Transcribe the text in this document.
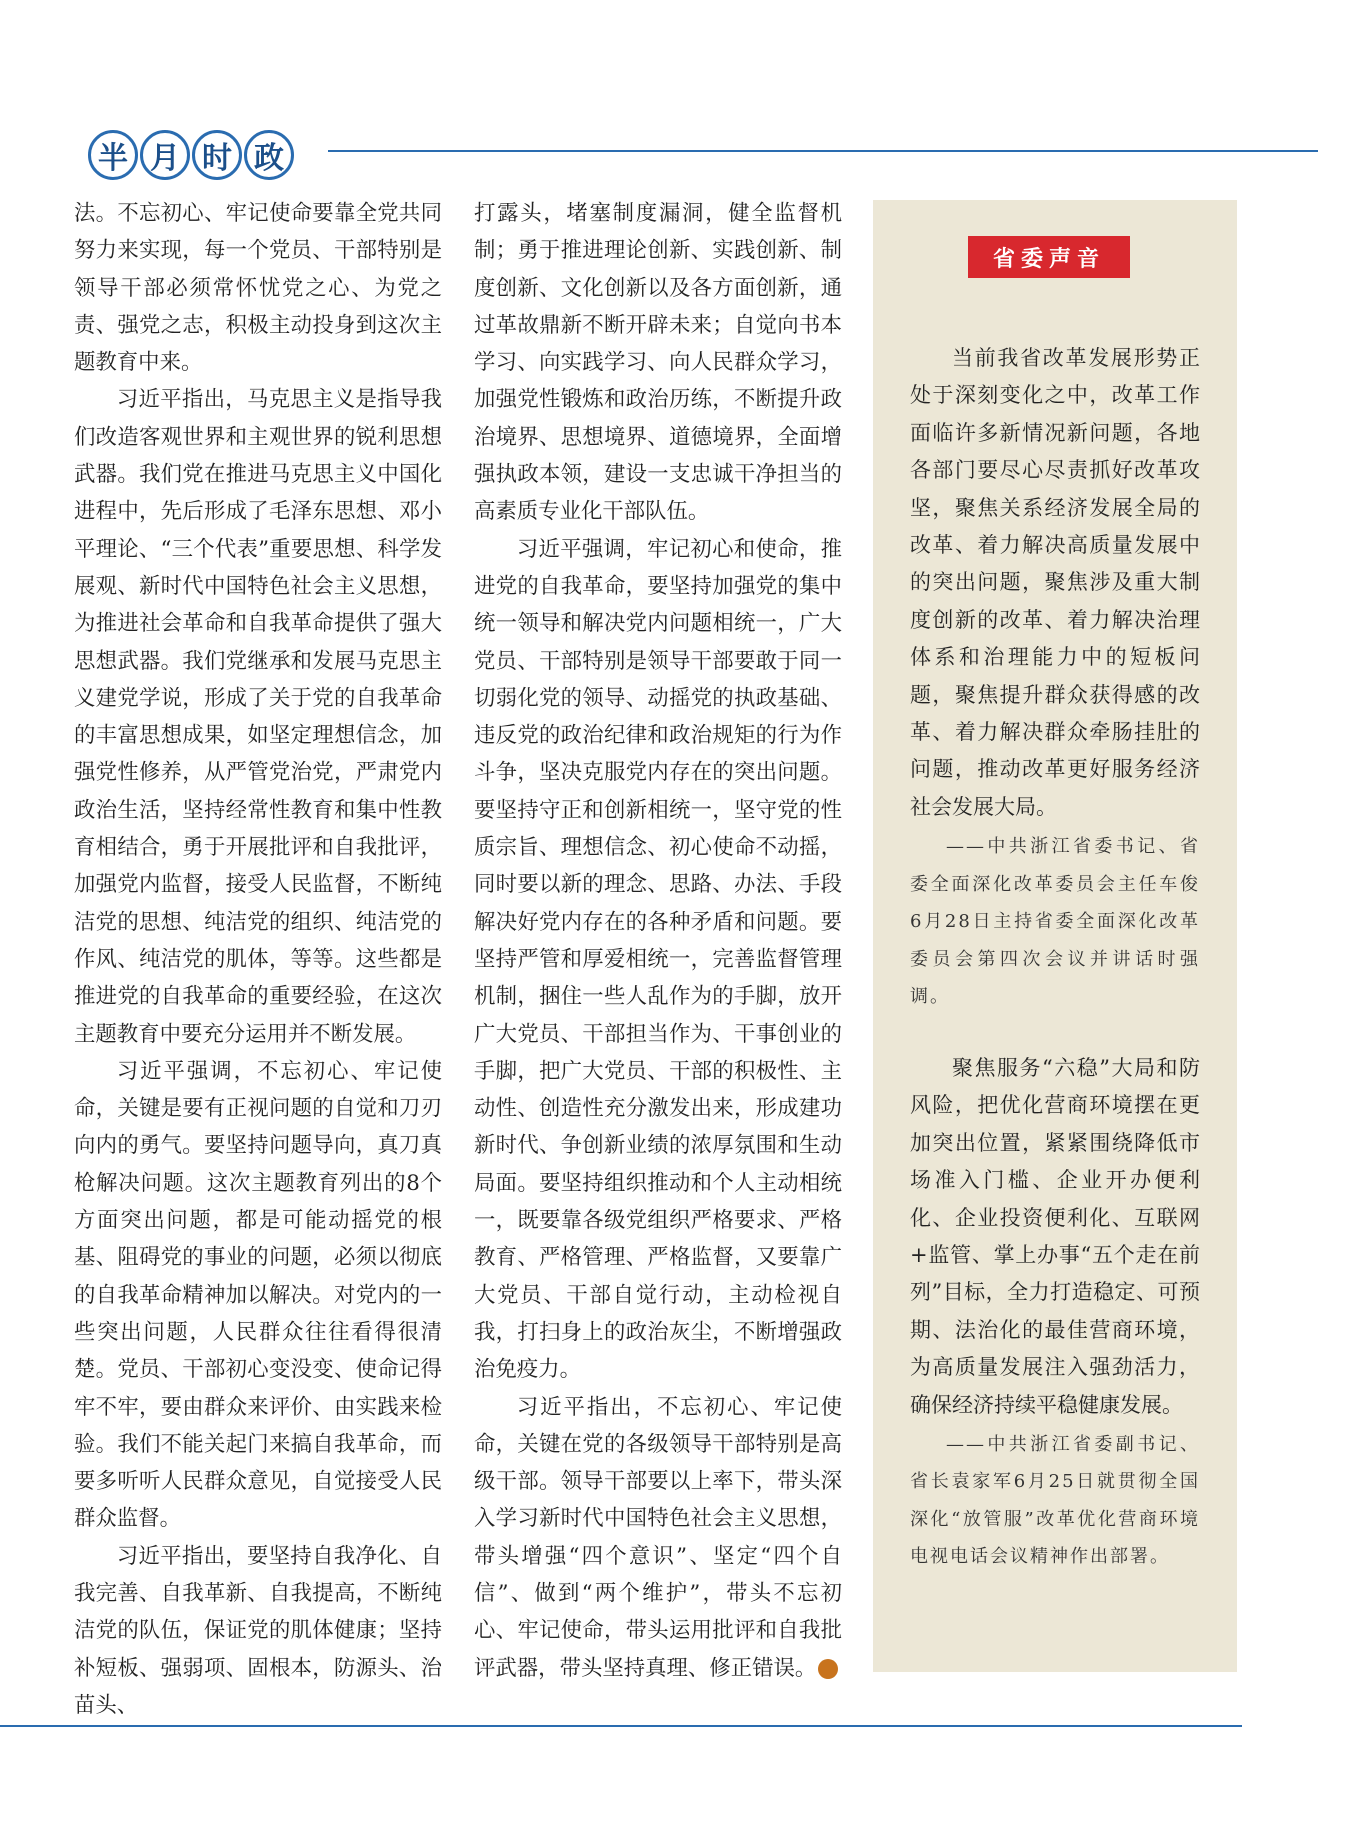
半 月 时 政

法。不忘初心、牢记使命要靠全党共同努力来实现，每一个党员、干部特别是领导干部必须常怀忧党之心、为党之责、强党之志，积极主动投身到这次主题教育中来。

习近平指出，马克思主义是指导我们改造客观世界和主观世界的锐利思想武器。我们党在推进马克思主义中国化进程中，先后形成了毛泽东思想、邓小平理论、“三个代表”重要思想、科学发展观、新时代中国特色社会主义思想，为推进社会革命和自我革命提供了强大思想武器。我们党继承和发展马克思主义建党学说，形成了关于党的自我革命的丰富思想成果，如坚定理想信念，加强党性修养，从严管党治党，严肃党内政治生活，坚持经常性教育和集中性教育相结合，勇于开展批评和自我批评，加强党内监督，接受人民监督，不断纯洁党的思想、纯洁党的组织、纯洁党的作风、纯洁党的肌体，等等。这些都是推进党的自我革命的重要经验，在这次主题教育中要充分运用并不断发展。

习近平强调，不忘初心、牢记使命，关键是要有正视问题的自觉和刀刃向内的勇气。要坚持问题导向，真刀真枪解决问题。这次主题教育列出的8个方面突出问题，都是可能动摇党的根基、阻碍党的事业的问题，必须以彻底的自我革命精神加以解决。对党内的一些突出问题，人民群众往往看得很清楚。党员、干部初心变没变、使命记得牢不牢，要由群众来评价、由实践来检验。我们不能关起门来搞自我革命，而要多听听人民群众意见，自觉接受人民群众监督。

习近平指出，要坚持自我净化、自我完善、自我革新、自我提高，不断纯洁党的队伍，保证党的肌体健康；坚持补短板、强弱项、固根本，防源头、治苗头、

打露头，堵塞制度漏洞，健全监督机制；勇于推进理论创新、实践创新、制度创新、文化创新以及各方面创新，通过革故鼎新不断开辟未来；自觉向书本学习、向实践学习、向人民群众学习，加强党性锻炼和政治历练，不断提升政治境界、思想境界、道德境界，全面增强执政本领，建设一支忠诚干净担当的高素质专业化干部队伍。

习近平强调，牢记初心和使命，推进党的自我革命，要坚持加强党的集中统一领导和解决党内问题相统一，广大党员、干部特别是领导干部要敢于同一切弱化党的领导、动摇党的执政基础、违反党的政治纪律和政治规矩的行为作斗争，坚决克服党内存在的突出问题。要坚持守正和创新相统一，坚守党的性质宗旨、理想信念、初心使命不动摇，同时要以新的理念、思路、办法、手段解决好党内存在的各种矛盾和问题。要坚持严管和厚爱相统一，完善监督管理机制，捆住一些人乱作为的手脚，放开广大党员、干部担当作为、干事创业的手脚，把广大党员、干部的积极性、主动性、创造性充分激发出来，形成建功新时代、争创新业绩的浓厚氛围和生动局面。要坚持组织推动和个人主动相统一，既要靠各级党组织严格要求、严格教育、严格管理、严格监督，又要靠广大党员、干部自觉行动，主动检视自我，打扫身上的政治灰尘，不断增强政治免疫力。

习近平指出，不忘初心、牢记使命，关键在党的各级领导干部特别是高级干部。领导干部要以上率下，带头深入学习新时代中国特色社会主义思想，带头增强“四个意识”、坚定“四个自信”、做到“两个维护”，带头不忘初心、牢记使命，带头运用批评和自我批评武器，带头坚持真理、修正错误。

省委声音

当前我省改革发展形势正处于深刻变化之中，改革工作面临许多新情况新问题，各地各部门要尽心尽责抓好改革攻坚，聚焦关系经济发展全局的改革、着力解决高质量发展中的突出问题，聚焦涉及重大制度创新的改革、着力解决治理体系和治理能力中的短板问题，聚焦提升群众获得感的改革、着力解决群众牵肠挂肚的问题，推动改革更好服务经济社会发展大局。

——中共浙江省委书记、省委全面深化改革委员会主任车俊6月28日主持省委全面深化改革委员会第四次会议并讲话时强调。

聚焦服务“六稳”大局和防风险，把优化营商环境摆在更加突出位置，紧紧围绕降低市场准入门槛、企业开办便利化、企业投资便利化、互联网+监管、掌上办事“五个走在前列”目标，全力打造稳定、可预期、法治化的最佳营商环境，为高质量发展注入强劲活力，确保经济持续平稳健康发展。

——中共浙江省委副书记、省长袁家军6月25日就贯彻全国深化“放管服”改革优化营商环境电视电话会议精神作出部署。
